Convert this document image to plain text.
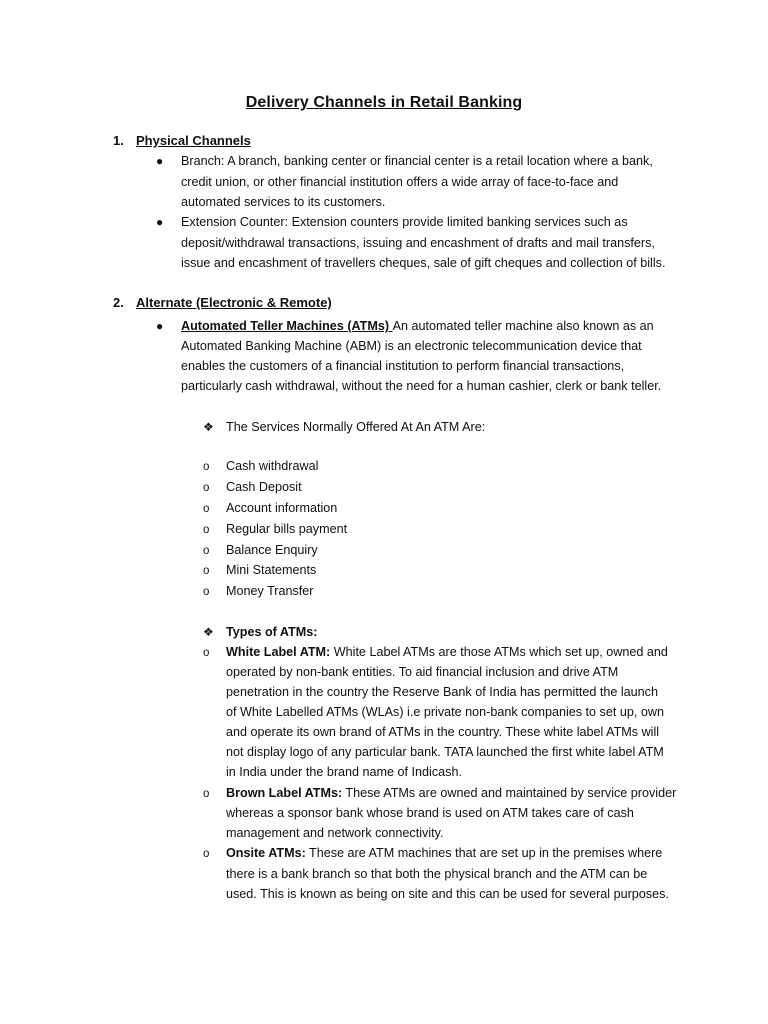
Delivery Channels in Retail Banking
1. Physical Channels
● Branch: A branch, banking center or financial center is a retail location where a bank,
credit union, or other financial institution offers a wide array of face-to-face and
automated services to its customers.
● Extension Counter: Extension counters provide limited banking services such as
deposit/withdrawal transactions, issuing and encashment of drafts and mail transfers,
issue and encashment of travellers cheques, sale of gift cheques and collection of bills.
2. Alternate (Electronic & Remote)
● Automated Teller Machines (ATMs) An automated teller machine also known as an
Automated Banking Machine (ABM) is an electronic telecommunication device that
enables the customers of a financial institution to perform financial transactions,
particularly cash withdrawal, without the need for a human cashier, clerk or bank teller.
❖ The Services Normally Offered At An ATM Are:
o Cash withdrawal
o Cash Deposit
o Account information
o Regular bills payment
o Balance Enquiry
o Mini Statements
o Money Transfer
❖ Types of ATMs:
o White Label ATM: White Label ATMs are those ATMs which set up, owned and
operated by non-bank entities. To aid financial inclusion and drive ATM
penetration in the country the Reserve Bank of India has permitted the launch
of White Labelled ATMs (WLAs) i.e private non-bank companies to set up, own
and operate its own brand of ATMs in the country. These white label ATMs will
not display logo of any particular bank. TATA launched the first white label ATM
in India under the brand name of Indicash.
o Brown Label ATMs: These ATMs are owned and maintained by service provider
whereas a sponsor bank whose brand is used on ATM takes care of cash
management and network connectivity.
o Onsite ATMs: These are ATM machines that are set up in the premises where
there is a bank branch so that both the physical branch and the ATM can be
used. This is known as being on site and this can be used for several purposes.
